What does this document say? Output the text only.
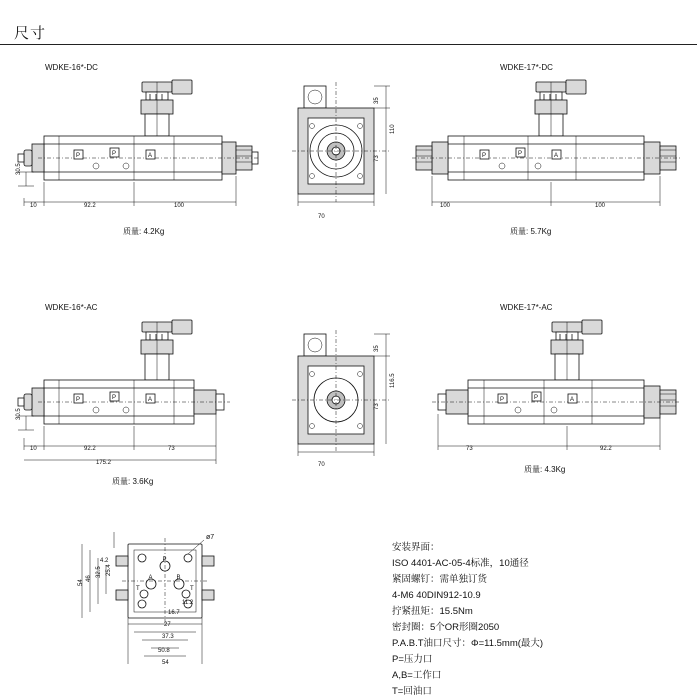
尺寸
WDKE-16*-DC
P	P	A
30.5
10	92.2	100
质量: 4.2Kg
WDKE-17*-DC
70
35
110
73	P	P	A
100	100
质量: 5.7Kg
WDKE-16*-AC
P	P	A
30.5
10	92.2	73
175.2
质量: 3.6Kg
WDKE-17*-AC
70
35
116.5
73
P	P	A
73	92.2
质量: 4.3Kg
P
A	B
T	T
ø7
4.2
25.4
32.5
46
54
11.2
16.7
27
37.3
50.8
54
安装界面：
ISO 4401-AC-05-4标准，10通径
紧固螺钉：需单独订货
4-M6 40DIN912-10.9
拧紧扭矩：15.5Nm
密封圈：5个OR形圈2050
P.A.B.T油口尺寸：Φ=11.5mm(最大)
P=压力口
A,B=工作口
T=回油口
